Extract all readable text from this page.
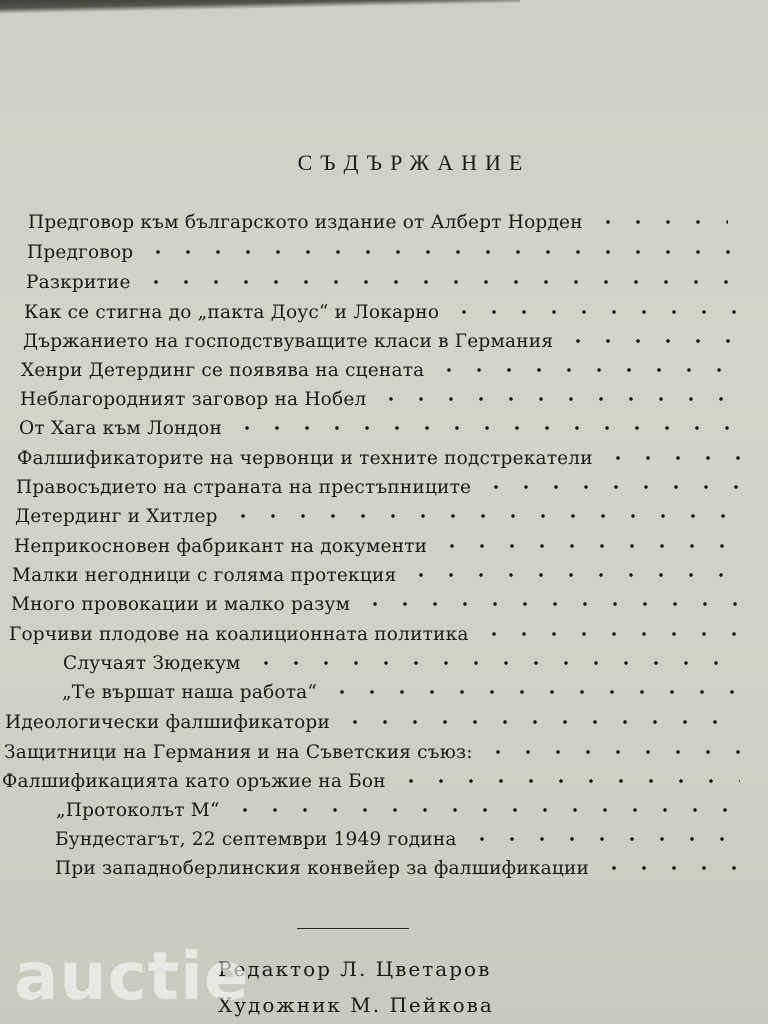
СЪДЪРЖАНИЕ
Предговор към българското издание от Алберт Норден
Предговор
Разкритие
Как се стигна до „пакта Доус“ и Локарно
Държанието на господствуващите класи в Германия
Хенри Детердинг се появява на сцената
Неблагородният заговор на Нобел
От Хага към Лондон
Фалшификаторите на червонци и техните подстрекатели
Правосъдието на страната на престъпниците
Детердинг и Хитлер
Неприкосновен фабрикант на документи
Малки негодници с голяма протекция
Много провокации и малко разум
Горчиви плодове на коалиционната политика
Случаят Зюдекум
„Те вършат наша работа“
Идеологически фалшификатори
Защитници на Германия и на Съветския съюз:
Фалшификацията като оръжие на Бон
„Протоколът М“
Бундестагът, 22 септември 1949 година
При западноберлинския конвейер за фалшификации
Редактор Л. Цветаров
Художник М. Пейкова
auctie
